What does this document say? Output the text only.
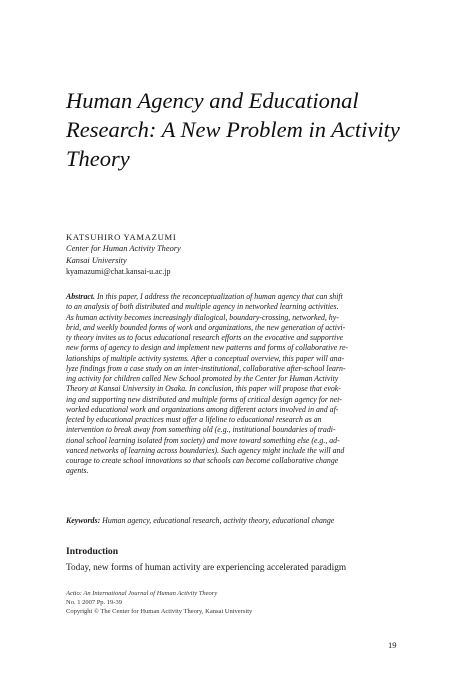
Human Agency and Educational
Research: A New Problem in Activity
Theory
KATSUHIRO YAMAZUMI
Center for Human Activity Theory
Kansai University
kyamazumi@chat.kansai-u.ac.jp

Abstract. In this paper, I address the reconceptualization of human agency that can shift
to an analysis of both distributed and multiple agency in networked learning activities.
As human activity becomes increasingly dialogical, boundary-crossing, networked, hy-
brid, and weekly bounded forms of work and organizations, the new generation of activi-
ty theory invites us to focus educational research efforts on the evocative and supportive
new forms of agency to design and implement new patterns and forms of collaborative re-
lationships of multiple activity systems. After a conceptual overview, this paper will ana-
lyze findings from a case study on an inter-institutional, collaborative after-school learn-
ing activity for children called New School promoted by the Center for Human Activity
Theory at Kansai University in Osaka. In conclusion, this paper will propose that evok-
ing and supporting new distributed and multiple forms of critical design agency for net-
worked educational work and organizations among different actors involved in and af-
fected by educational practices must offer a lifeline to educational research as an
intervention to break away from something old (e.g., institutional boundaries of tradi-
tional school learning isolated from society) and move toward something else (e.g., ad-
vanced networks of learning across boundaries). Such agency might include the will and
courage to create school innovations so that schools can become collaborative change
agents.

Keywords: Human agency, educational research, activity theory, educational change
Introduction

Today, new forms of human activity are experiencing accelerated paradigm

Actio: An International Journal of Human Activity Theory
No. 1 2007 Pp. 19-39
Copyright © The Center for Human Activity Theory, Kansai University
19
